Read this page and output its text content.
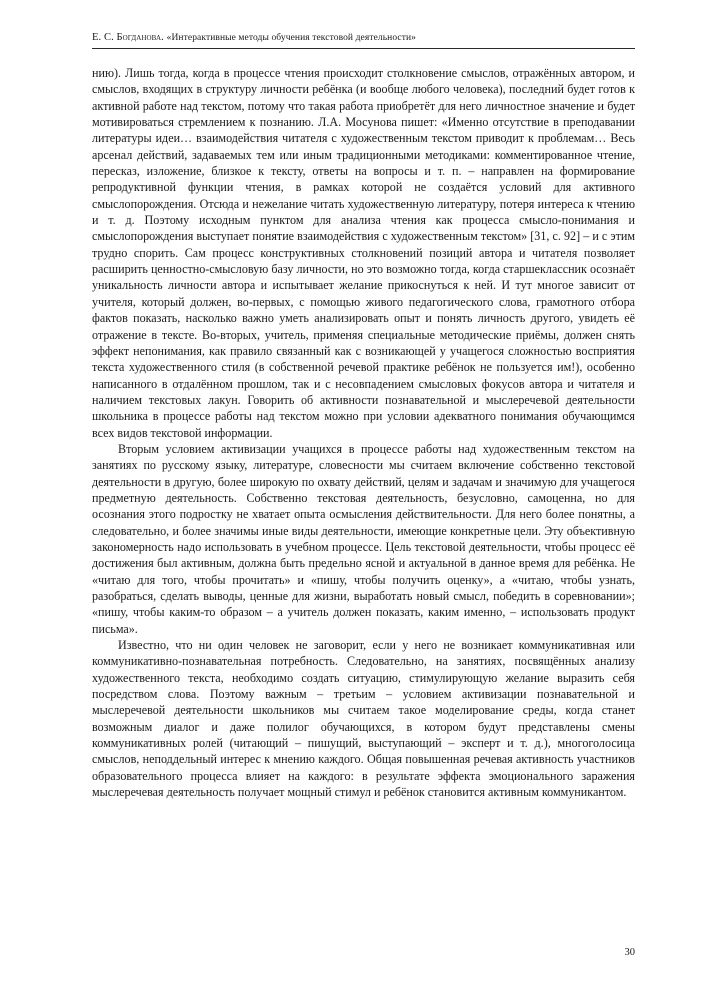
Е. С. Богданова. «Интерактивные методы обучения текстовой деятельности»

нию). Лишь тогда, когда в процессе чтения происходит столкновение смыслов, отражённых автором, и смыслов, входящих в структуру личности ребёнка (и вообще любого человека), последний будет готов к активной работе над текстом, потому что такая работа приобретёт для него личностное значение и будет мотивироваться стремлением к познанию. Л.А. Мосунова пишет: «Именно отсутствие в преподавании литературы идеи… взаимодействия читателя с художественным текстом приводит к проблемам… Весь арсенал действий, задаваемых тем или иным традиционными методиками: комментированное чтение, пересказ, изложение, близкое к тексту, ответы на вопросы и т. п. – направлен на формирование репродуктивной функции чтения, в рамках которой не создаётся условий для активного смыслопорождения. Отсюда и нежелание читать художественную литературу, потеря интереса к чтению и т. д. Поэтому исходным пунктом для анализа чтения как процесса смысло-понимания и смыслопорождения выступает понятие взаимодействия с художественным текстом» [31, с. 92] – и с этим трудно спорить. Сам процесс конструктивных столкновений позиций автора и читателя позволяет расширить ценностно-смысловую базу личности, но это возможно тогда, когда старшеклассник осознаёт уникальность личности автора и испытывает желание прикоснуться к ней. И тут многое зависит от учителя, который должен, во-первых, с помощью живого педагогического слова, грамотного отбора фактов показать, насколько важно уметь анализировать опыт и понять личность другого, увидеть её отражение в тексте. Во-вторых, учитель, применяя специальные методические приёмы, должен снять эффект непонимания, как правило связанный как с возникающей у учащегося сложностью восприятия текста художественного стиля (в собственной речевой практике ребёнок не пользуется им!), особенно написанного в отдалённом прошлом, так и с несовпадением смысловых фокусов автора и читателя и наличием текстовых лакун. Говорить об активности познавательной и мыслеречевой деятельности школьника в процессе работы над текстом можно при условии адекватного понимания обучающимся всех видов текстовой информации.

Вторым условием активизации учащихся в процессе работы над художественным текстом на занятиях по русскому языку, литературе, словесности мы считаем включение собственно текстовой деятельности в другую, более широкую по охвату действий, целям и задачам и значимую для учащегося предметную деятельность. Собственно текстовая деятельность, безусловно, самоценна, но для осознания этого подростку не хватает опыта осмысления действительности. Для него более понятны, а следовательно, и более значимы иные виды деятельности, имеющие конкретные цели. Эту объективную закономерность надо использовать в учебном процессе. Цель текстовой деятельности, чтобы процесс её достижения был активным, должна быть предельно ясной и актуальной в данное время для ребёнка. Не «читаю для того, чтобы прочитать» и «пишу, чтобы получить оценку», а «читаю, чтобы узнать, разобраться, сделать выводы, ценные для жизни, выработать новый смысл, победить в соревновании»; «пишу, чтобы каким-то образом – а учитель должен показать, каким именно, – использовать продукт письма».

Известно, что ни один человек не заговорит, если у него не возникает коммуникативная или коммуникативно-познавательная потребность. Следовательно, на занятиях, посвящённых анализу художественного текста, необходимо создать ситуацию, стимулирующую желание выразить себя посредством слова. Поэтому важным – третьим – условием активизации познавательной и мыслеречевой деятельности школьников мы считаем такое моделирование среды, когда станет возможным диалог и даже полилог обучающихся, в котором будут представлены смены коммуникативных ролей (читающий – пишущий, выступающий – эксперт и т. д.), многоголосица смыслов, неподдельный интерес к мнению каждого. Общая повышенная речевая активность участников образовательного процесса влияет на каждого: в результате эффекта эмоционального заражения мыслеречевая деятельность получает мощный стимул и ребёнок становится активным коммуникантом.

30
